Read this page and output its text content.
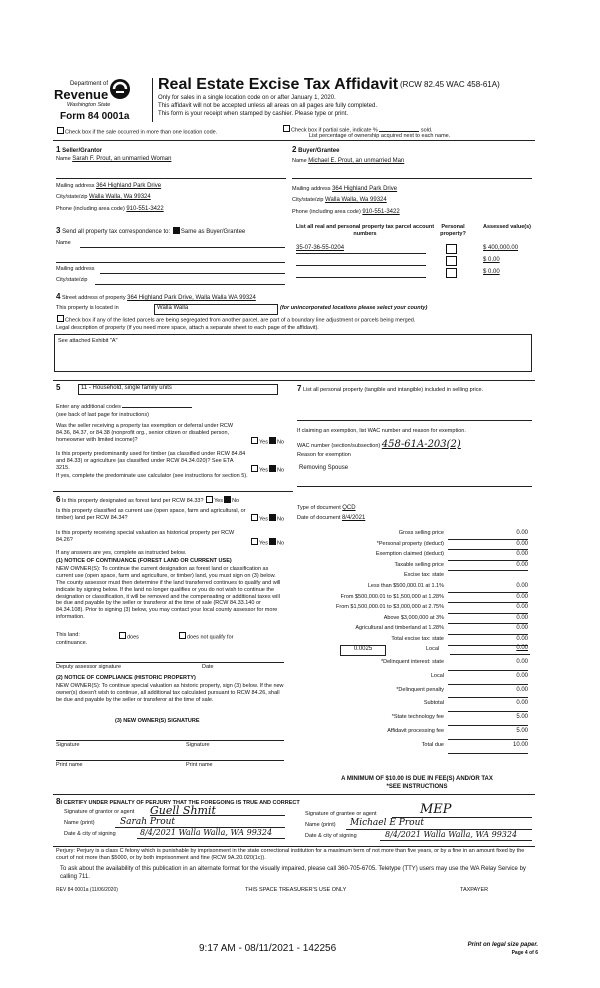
Department of
Revenue
Washington State
Form 84 0001a
Real Estate Excise Tax Affidavit (RCW 82.45 WAC 458-61A)
Only for sales in a single location code on or after January 1, 2020.
This affidavit will not be accepted unless all areas on all pages are fully completed.
This form is your receipt when stamped by cashier. Please type or print.
Check box if the sale occurred in more than one location code.	Check box if partial sale, indicate %	sold.
List percentage of ownership acquired next to each name.
1 Seller/Grantor
Name Sarah F. Prout, an unmarried Woman
Mailing address 364 Highland Park Drive
City/state/zip Walla Walla, Wa 99324
Phone (including area code) 910-551-3422
2 Buyer/Grantee
Name Michael E. Prout, an unmarried Man
Mailing address 364 Highland Park Drive
City/state/zip Walla Walla, Wa 99324
Phone (including area code) 910-551-3422
3 Send all property tax correspondence to: Same as Buyer/Grantee
Name
Mailing address
City/state/zip
List all real and personal property tax parcel account numbers
Personal property?
Assessed value(s)
35-07-36-55-0204	$ 400,000.00
$ 0.00
$ 0.00
4 Street address of property 364 Highland Park Drive, Walla Walla WA 99324
This property is located in	Walla Walla	(for unincorporated locations please select your county)
Check box if any of the listed parcels are being segregated from another parcel, are part of a boundary line adjustment or parcels being merged.
Legal description of property (if you need more space, attach a separate sheet to each page of the affidavit).
See attached Exhibit "A"
5	11 - Household, single family units
Enter any additional codes
(see back of last page for instructions)
Was the seller receiving a property tax exemption or deferral under RCW 84.36, 84.37, or 84.38 (nonprofit org., senior citizen or disabled person, homeowner with limited income)?	Yes No
Is this property predominantly used for timber (as classified under RCW 84.84 and 84.33) or agriculture (as classified under RCW 84.34.020)? See ETA 3215.	Yes No
If yes, complete the predominate use calculator (see instructions for section 5).
6 Is this property designated as forest land per RCW 84.33? Yes No
Is this property classified as current use (open space, farm and agricultural, or timber) land per RCW 84.34?	Yes No
Is this property receiving special valuation as historical property per RCW 84.26?
Yes No
If any answers are yes, complete as instructed below.
(1) NOTICE OF CONTINUANCE (FOREST LAND OR CURRENT USE)
NEW OWNER(S): To continue the current designation as forest land or classification as current use (open space, farm and agriculture, or timber) land, you must sign on (3) below. The county assessor must then determine if the land transferred continues to qualify and will indicate by signing below. If the land no longer qualifies or you do not wish to continue the designation or classification, it will be removed and the compensating or additional taxes will be due and payable by the seller or transferor at the time of sale (RCW 84.33.140 or 84.34.108). Prior to signing (3) below, you may contact your local county assessor for more information.
This land:	does	does not qualify for
continuance.
Deputy assessor signature	Date
(2) NOTICE OF COMPLIANCE (HISTORIC PROPERTY)
NEW OWNER(S): To continue special valuation as historic property, sign (3) below. If the new owner(s) doesn't wish to continue, all additional tax calculated pursuant to RCW 84.26, shall be due and payable by the seller or transferor at the time of sale.
(3) NEW OWNER(S) SIGNATURE
Signature	Signature
Print name	Print name
7 List all personal property (tangible and intangible) included in selling price.
If claiming an exemption, list WAC number and reason for exemption.
WAC number (section/subsection) 458-61A-203(2)
Reason for exemption
Removing Spouse
Type of document QCD
Date of document 8/4/2021
Gross selling price	0.00
*Personal property (deduct)	0.00
Exemption claimed (deduct)	0.00
Taxable selling price	0.00
Excise tax: state
Less than $500,000.01 at 1.1%	0.00
From $500,000.01 to $1,500,000 at 1.28%	0.00
From $1,500,000.01 to $3,000,000 at 2.75%	0.00
Above $3,000,000 at 3%	0.00
Agricultural and timberland at 1.28%	0.00
Total excise tax: state	0.00
0.0025	Local	0.00
*Delinquent interest: state	0.00
Local	0.00
*Delinquent penalty	0.00
Subtotal	0.00
*State technology fee	5.00
Affidavit processing fee	5.00
Total due	10.00
A MINIMUM OF $10.00 IS DUE IN FEE(S) AND/OR TAX
*SEE INSTRUCTIONS
8I CERTIFY UNDER PENALTY OF PERJURY THAT THE FOREGOING IS TRUE AND CORRECT
Signature of grantor or agent Guell Shmit
Name (print)	Sarah Prout
Date & city of signing	8/4/2021 Walla Walla, WA 99324
Signature of grantee or agent	MEP
Name (print) Michael E Prout
Date & city of signing	8/4/2021 Walla Walla, WA 99324
Perjury: Perjury is a class C felony which is punishable by imprisonment in the state correctional institution for a maximum term of not more than five years, or by a fine in an amount fixed by the court of not more than $5000, or by both imprisonment and fine (RCW 9A.20.020(1c)).
To ask about the availability of this publication in an alternate format for the visually impaired, please call 360-705-6705. Teletype (TTY) users may use the WA Relay Service by calling 711.
REV 84 0001a (11/06/2020)	THIS SPACE TREASURER'S USE ONLY	TAXPAYER
9:17 AM - 08/11/2021 - 142256	Print on legal size paper.
Page 4 of 6
